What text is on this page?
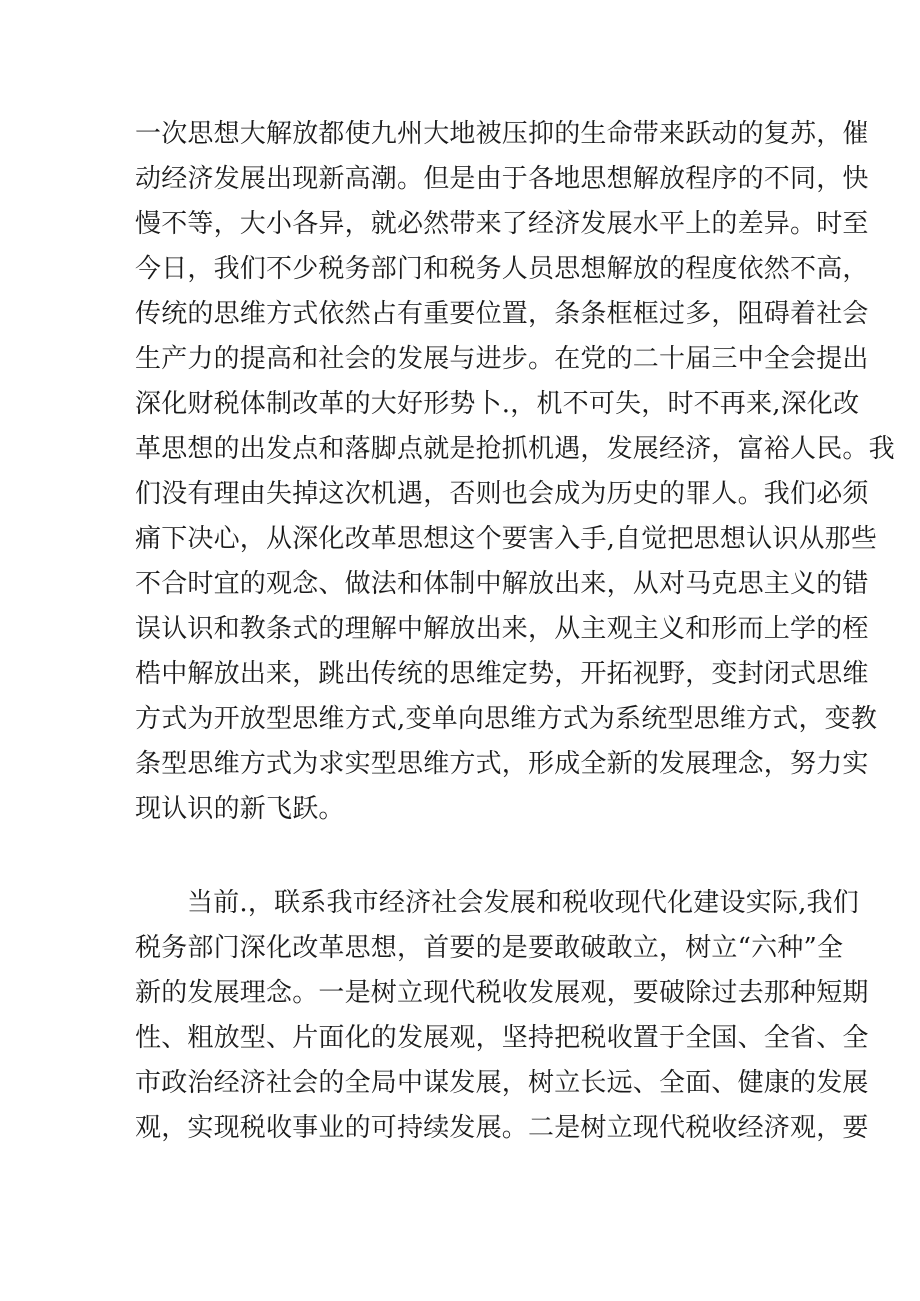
一次思想大解放都使九州大地被压抑的生命带来跃动的复苏，催
动经济发展出现新高潮。但是由于各地思想解放程序的不同，快
慢不等，大小各异，就必然带来了经济发展水平上的差异。时至
今日，我们不少税务部门和税务人员思想解放的程度依然不高，
传统的思维方式依然占有重要位置，条条框框过多，阻碍着社会
生产力的提高和社会的发展与进步。在党的二十届三中全会提出
深化财税体制改革的大好形势卜.，机不可失，时不再来,深化改
革思想的出发点和落脚点就是抢抓机遇，发展经济，富裕人民。我
们没有理由失掉这次机遇，否则也会成为历史的罪人。我们必须
痛下决心，从深化改革思想这个要害入手,自觉把思想认识从那些
不合时宜的观念、做法和体制中解放出来，从对马克思主义的错
误认识和教条式的理解中解放出来，从主观主义和形而上学的桎
梏中解放出来，跳出传统的思维定势，开拓视野，变封闭式思维
方式为开放型思维方式,变单向思维方式为系统型思维方式，变教
条型思维方式为求实型思维方式，形成全新的发展理念，努力实
现认识的新飞跃。
当前.，联系我市经济社会发展和税收现代化建设实际,我们
税务部门深化改革思想，首要的是要敢破敢立，树立“六种”全
新的发展理念。一是树立现代税收发展观，要破除过去那种短期
性、粗放型、片面化的发展观，坚持把税收置于全国、全省、全
市政治经济社会的全局中谋发展，树立长远、全面、健康的发展
观，实现税收事业的可持续发展。二是树立现代税收经济观，要
